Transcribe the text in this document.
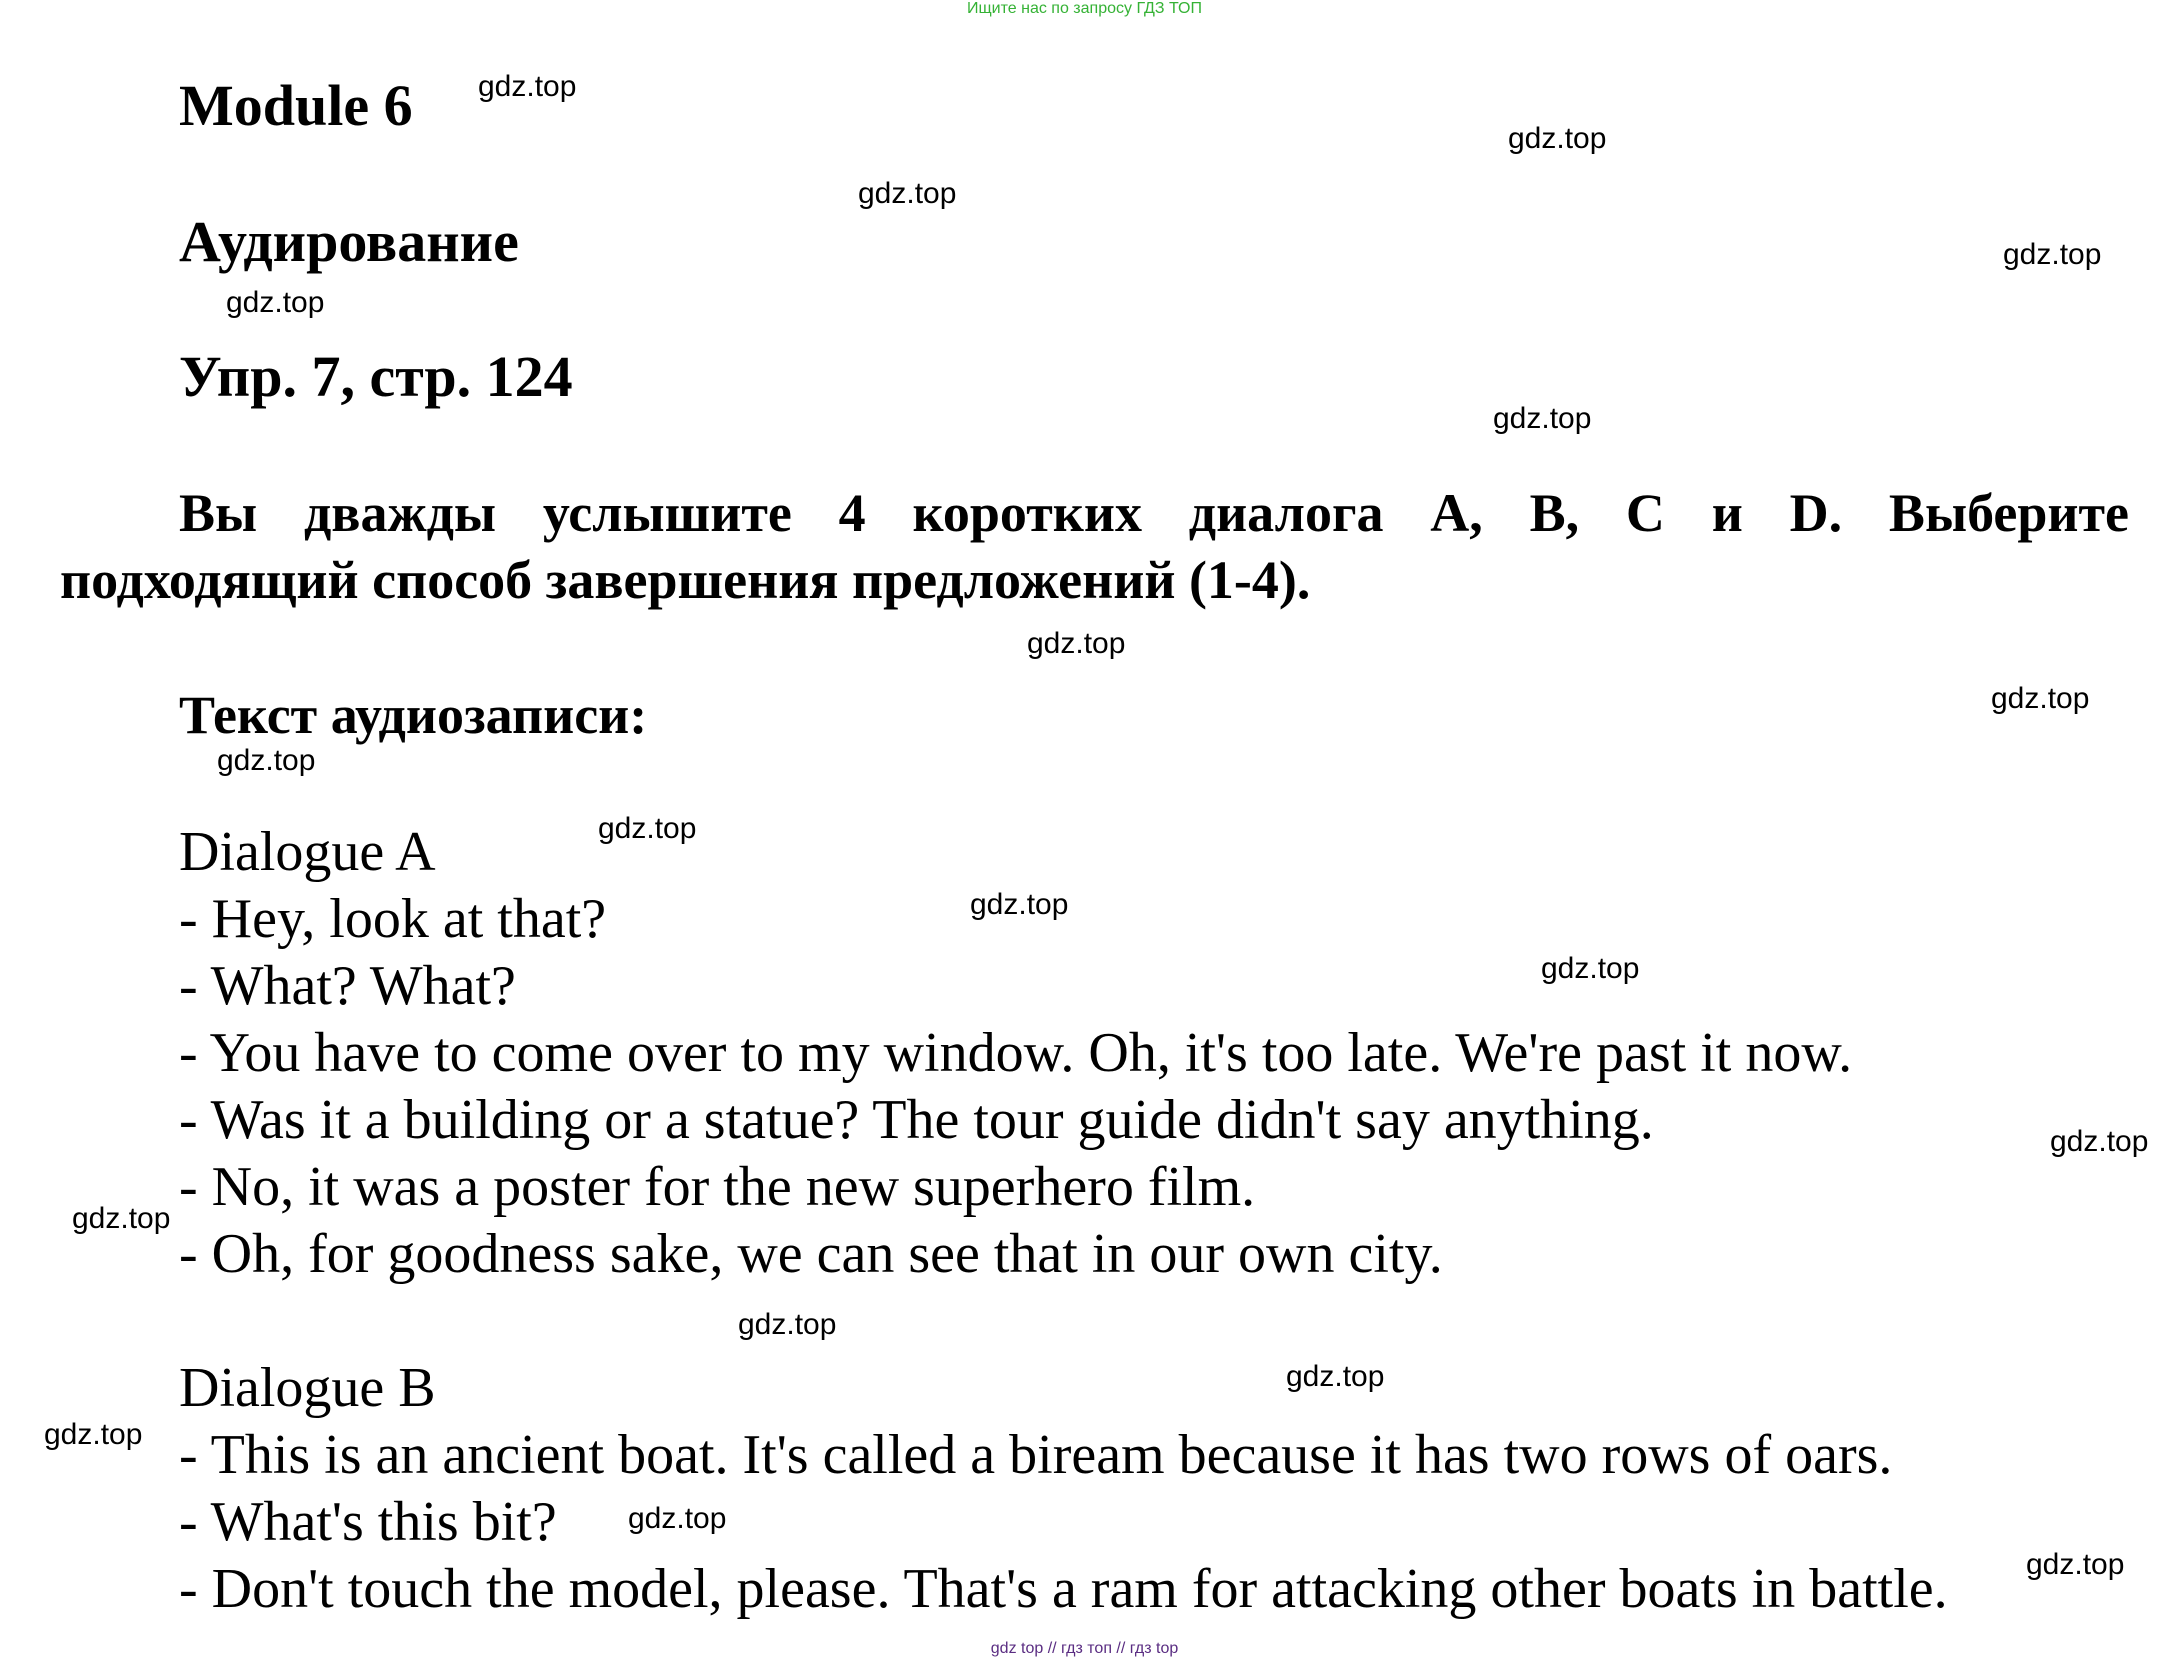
Ищите нас по запросу ГДЗ ТОП
Module 6
Аудирование
Упр. 7, стр. 124
Вы дважды услышите 4 коротких диалога A, B, C и D. Выберите
подходящий способ завершения предложений (1-4).
Текст аудиозаписи:
Dialogue A
- Hey, look at that?
- What? What?
- You have to come over to my window. Oh, it's too late. We're past it now.
- Was it a building or a statue? The tour guide didn't say anything.
- No, it was a poster for the new superhero film.
- Oh, for goodness sake, we can see that in our own city.
Dialogue B
- This is an ancient boat. It's called a biream because it has two rows of oars.
- What's this bit?
- Don't touch the model, please. That's a ram for attacking other boats in battle.
gdz.top
gdz.top
gdz.top
gdz.top
gdz.top
gdz.top
gdz.top
gdz.top
gdz.top
gdz.top
gdz.top
gdz.top
gdz.top
gdz.top
gdz.top
gdz.top
gdz.top
gdz.top
gdz.top
gdz top // гдз топ // гдз top
